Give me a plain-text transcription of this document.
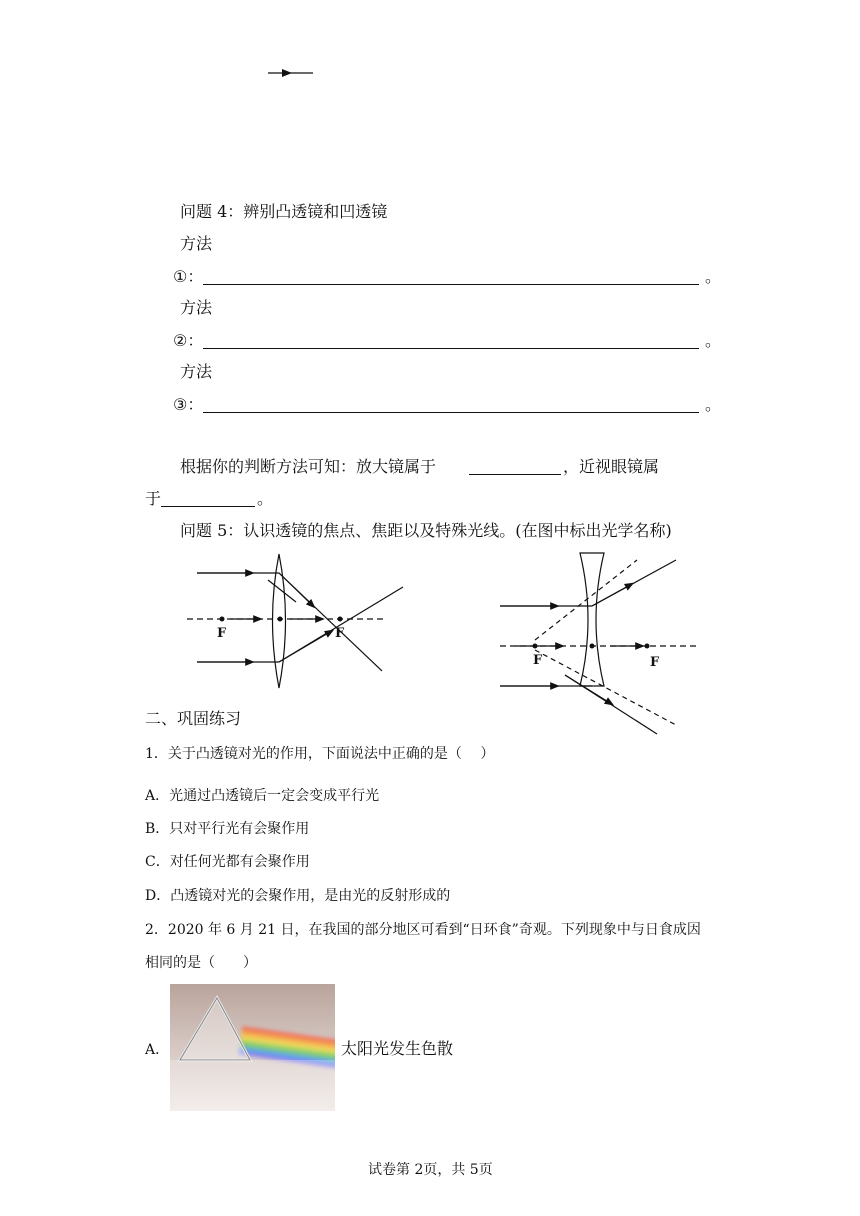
问题 4：辨别凸透镜和凹透镜
方法
①：	。
方法
②：	。
方法
③：	。
根据你的判断方法可知：放大镜属于	，近视眼镜属
于	。
问题 5：认识透镜的焦点、焦距以及特殊光线。(在图中标出光学名称)
F	F
F	F
二、巩固练习
1．关于凸透镜对光的作用，下面说法中正确的是（　 ）
A．光通过凸透镜后一定会变成平行光
B．只对平行光有会聚作用
C．对任何光都有会聚作用
D．凸透镜对光的会聚作用，是由光的反射形成的
2．2020 年 6 月 21 日，在我国的部分地区可看到“日环食”奇观。下列现象中与日食成因
相同的是（　　）
A．	太阳光发生色散
试卷第 2页，共 5页
